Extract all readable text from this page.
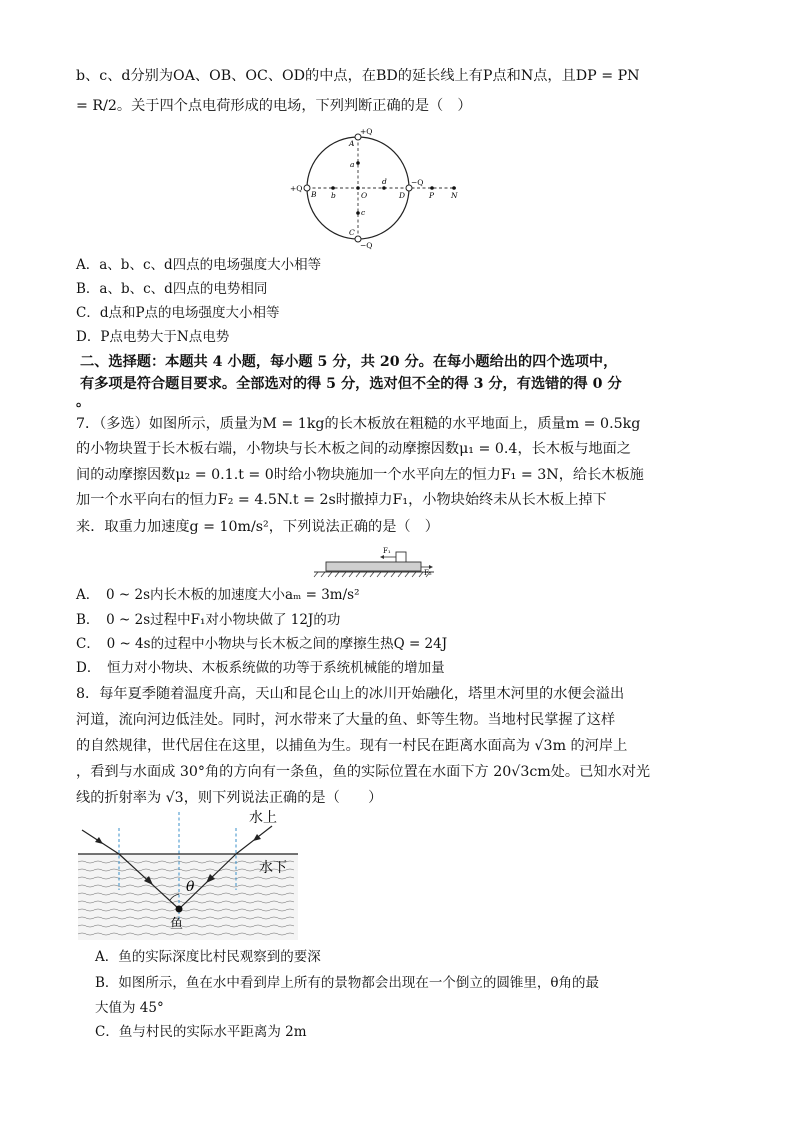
b、c、d分别为OA、OB、OC、OD的中点，在BD的延长线上有P点和N点，且DP = PN
= R/2。关于四个点电荷形成的电场，下列判断正确的是（　）
+Q
A
a
+Q
B b	O
d	−Q
D	P N
c
C
−Q
A．a、b、c、d四点的电场强度大小相等
B．a、b、c、d四点的电势相同
C．d点和P点的电场强度大小相等
D．P点电势大于N点电势
二、选择题：本题共 4 小题，每小题 5 分，共 20 分。在每小题给出的四个选项中，
有多项是符合题目要求。全部选对的得 5 分，选对但不全的得 3 分，有选错的得 0 分
。
7．（多选）如图所示，质量为M = 1kg的长木板放在粗糙的水平地面上，质量m = 0.5kg
的小物块置于长木板右端，小物块与长木板之间的动摩擦因数μ₁ = 0.4，长木板与地面之
间的动摩擦因数μ₂ = 0.1.t = 0时给小物块施加一个水平向左的恒力F₁ = 3N，给长木板施
加一个水平向右的恒力F₂ = 4.5N.t = 2s时撤掉力F₁，小物块始终未从长木板上掉下
来．取重力加速度g = 10m/s²，下列说法正确的是（　）
F₁
F₂
A．　0 ~ 2s内长木板的加速度大小aₘ = 3m/s²
B．　0 ~ 2s过程中F₁对小物块做了 12J的功
C．　0 ~ 4s的过程中小物块与长木板之间的摩擦生热Q = 24J
D．　恒力对小物块、木板系统做的功等于系统机械能的增加量
8．每年夏季随着温度升高，天山和昆仑山上的冰川开始融化，塔里木河里的水便会溢出
河道，流向河边低洼处。同时，河水带来了大量的鱼、虾等生物。当地村民掌握了这样
的自然规律，世代居住在这里，以捕鱼为生。现有一村民在距离水面高为 √3m 的河岸上
，看到与水面成 30°角的方向有一条鱼，鱼的实际位置在水面下方 20√3cm处。已知水对光
线的折射率为 √3，则下列说法正确的是（　　）
水上
水下
θ
鱼
A．鱼的实际深度比村民观察到的要深
B．如图所示，鱼在水中看到岸上所有的景物都会出现在一个倒立的圆锥里，θ角的最
大值为 45°
C．鱼与村民的实际水平距离为 2m
